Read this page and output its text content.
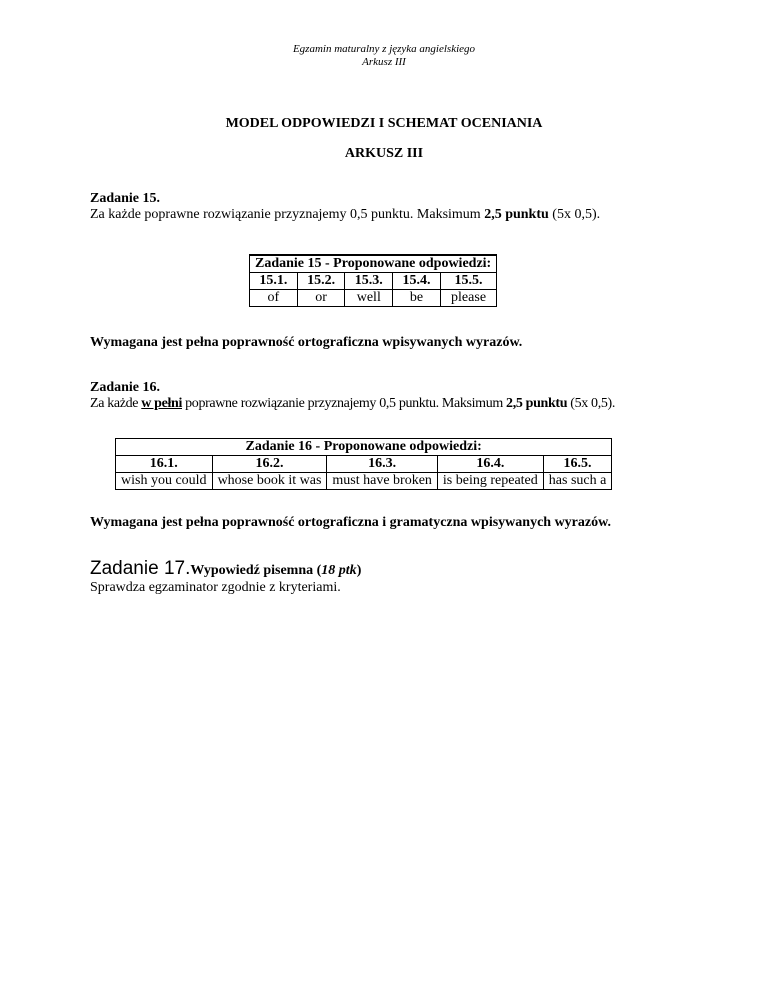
Egzamin maturalny z języka angielskiego
Arkusz III
MODEL ODPOWIEDZI I SCHEMAT OCENIANIA
ARKUSZ III
Zadanie 15.
Za każde poprawne rozwiązanie przyznajemy 0,5 punktu. Maksimum 2,5 punktu (5x 0,5).
Zadanie 15 - Proponowane odpowiedzi:				
15.1.	15.2.	15.3.	15.4.	15.5.
of	or	well	be	please
Wymagana jest pełna poprawność ortograficzna wpisywanych wyrazów.
Zadanie 16.
Za każde w pełni poprawne rozwiązanie przyznajemy 0,5 punktu. Maksimum 2,5 punktu (5x 0,5).
Zadanie 16 - Proponowane odpowiedzi:				
16.1.	16.2.	16.3.	16.4.	16.5.
wish you could	whose book it was	must have broken	is being repeated	has such a
Wymagana jest pełna poprawność ortograficzna i gramatyczna wpisywanych wyrazów.
Zadanie 17.Wypowiedź pisemna (18 ptk)
Sprawdza egzaminator zgodnie z kryteriami.
